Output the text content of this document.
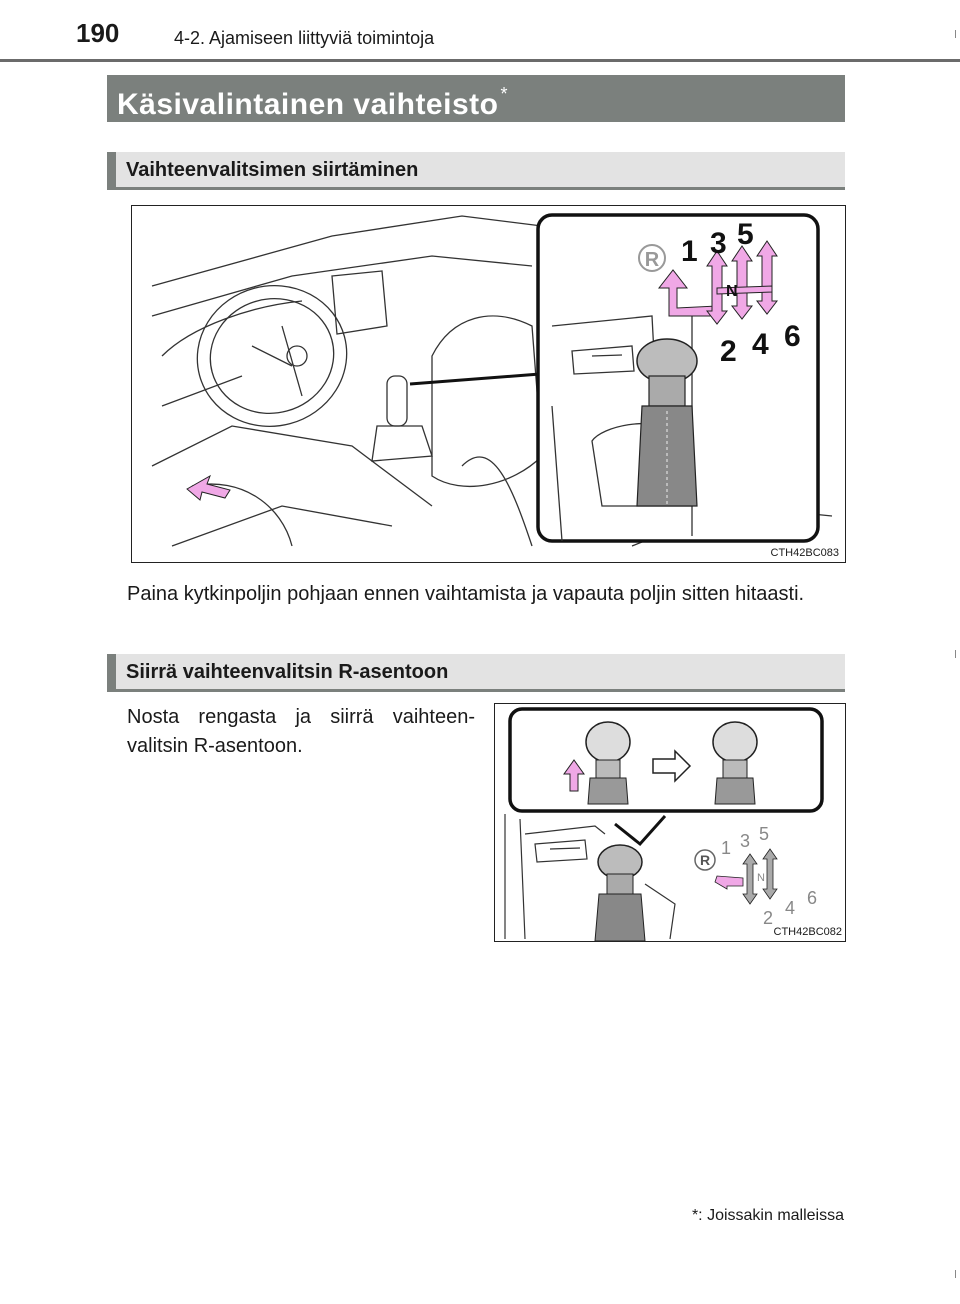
190	4-2. Ajamiseen liittyviä toimintoja
Käsivalintainen vaihteisto *
Vaihteenvalitsimen siirtäminen
R 1 3 5
N
2 4 6
CTH42BC083
Paina kytkinpoljin pohjaan ennen vaihtamista ja vapauta poljin sitten hitaasti.
Siirrä vaihteenvalitsin R-asentoon
Nosta rengasta ja siirrä vaihteen-valitsin R-asentoon.
R
1 3 5
N
2 4 6
CTH42BC082
*: Joissakin malleissa
